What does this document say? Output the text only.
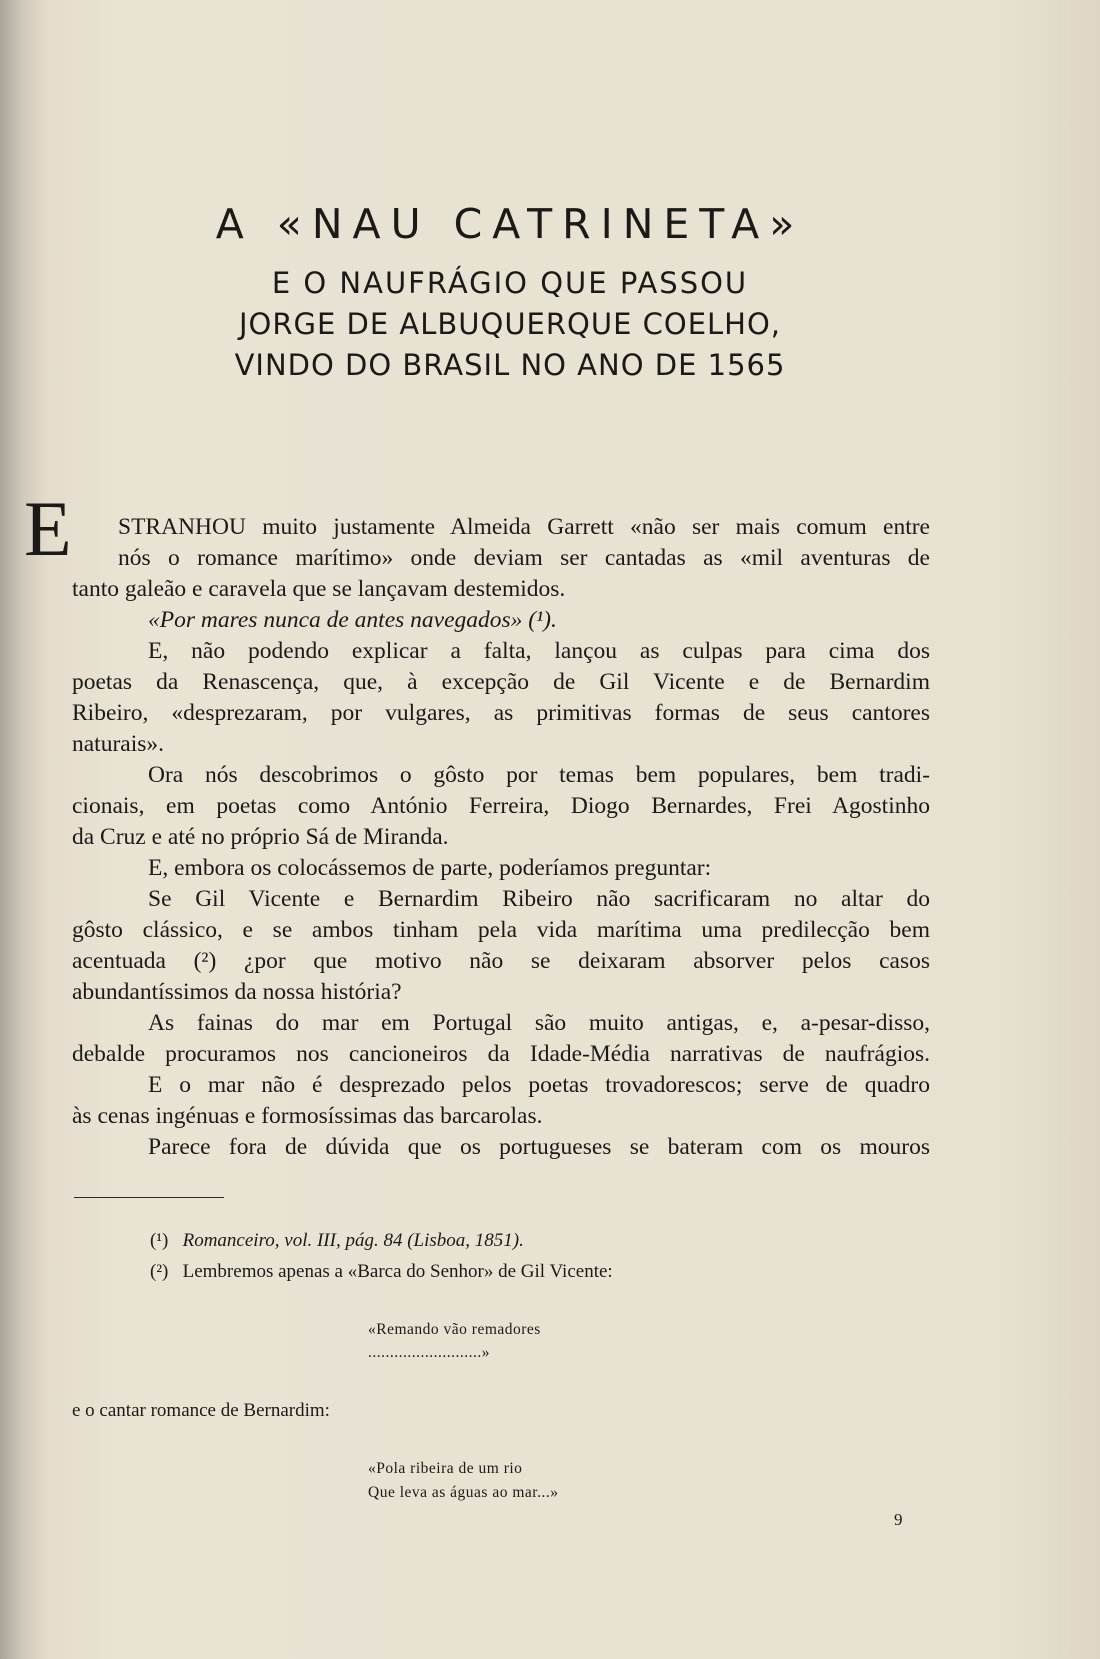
A «NAU CATRINETA»
E O NAUFRÁGIO QUE PASSOU
JORGE DE ALBUQUERQUE COELHO,
VINDO DO BRASIL NO ANO DE 1565
E STRANHOU muito justamente Almeida Garrett «não ser mais comum entre
nós o romance marítimo» onde deviam ser cantadas as «mil aventuras de
tanto galeão e caravela que se lançavam destemidos.
«Por mares nunca de antes navegados» (¹).
E, não podendo explicar a falta, lançou as culpas para cima dos
poetas da Renascença, que, à excepção de Gil Vicente e de Bernardim
Ribeiro, «desprezaram, por vulgares, as primitivas formas de seus cantores
naturais».
Ora nós descobrimos o gôsto por temas bem populares, bem tradi-
cionais, em poetas como António Ferreira, Diogo Bernardes, Frei Agostinho
da Cruz e até no próprio Sá de Miranda.
E, embora os colocássemos de parte, poderíamos preguntar:
Se Gil Vicente e Bernardim Ribeiro não sacrificaram no altar do
gôsto clássico, e se ambos tinham pela vida marítima uma predilecção bem
acentuada (²) ¿por que motivo não se deixaram absorver pelos casos
abundantíssimos da nossa história?
As fainas do mar em Portugal são muito antigas, e, a-pesar-disso,
debalde procuramos nos cancioneiros da Idade-Média narrativas de naufrágios.
E o mar não é desprezado pelos poetas trovadorescos; serve de quadro
às cenas ingénuas e formosíssimas das barcarolas.
Parece fora de dúvida que os portugueses se bateram com os mouros
(¹) Romanceiro, vol. III, pág. 84 (Lisboa, 1851).
(²) Lembremos apenas a «Barca do Senhor» de Gil Vicente:
«Remando vão remadores
..........................»
e o cantar romance de Bernardim:
«Pola ribeira de um rio
Que leva as águas ao mar...»
9
